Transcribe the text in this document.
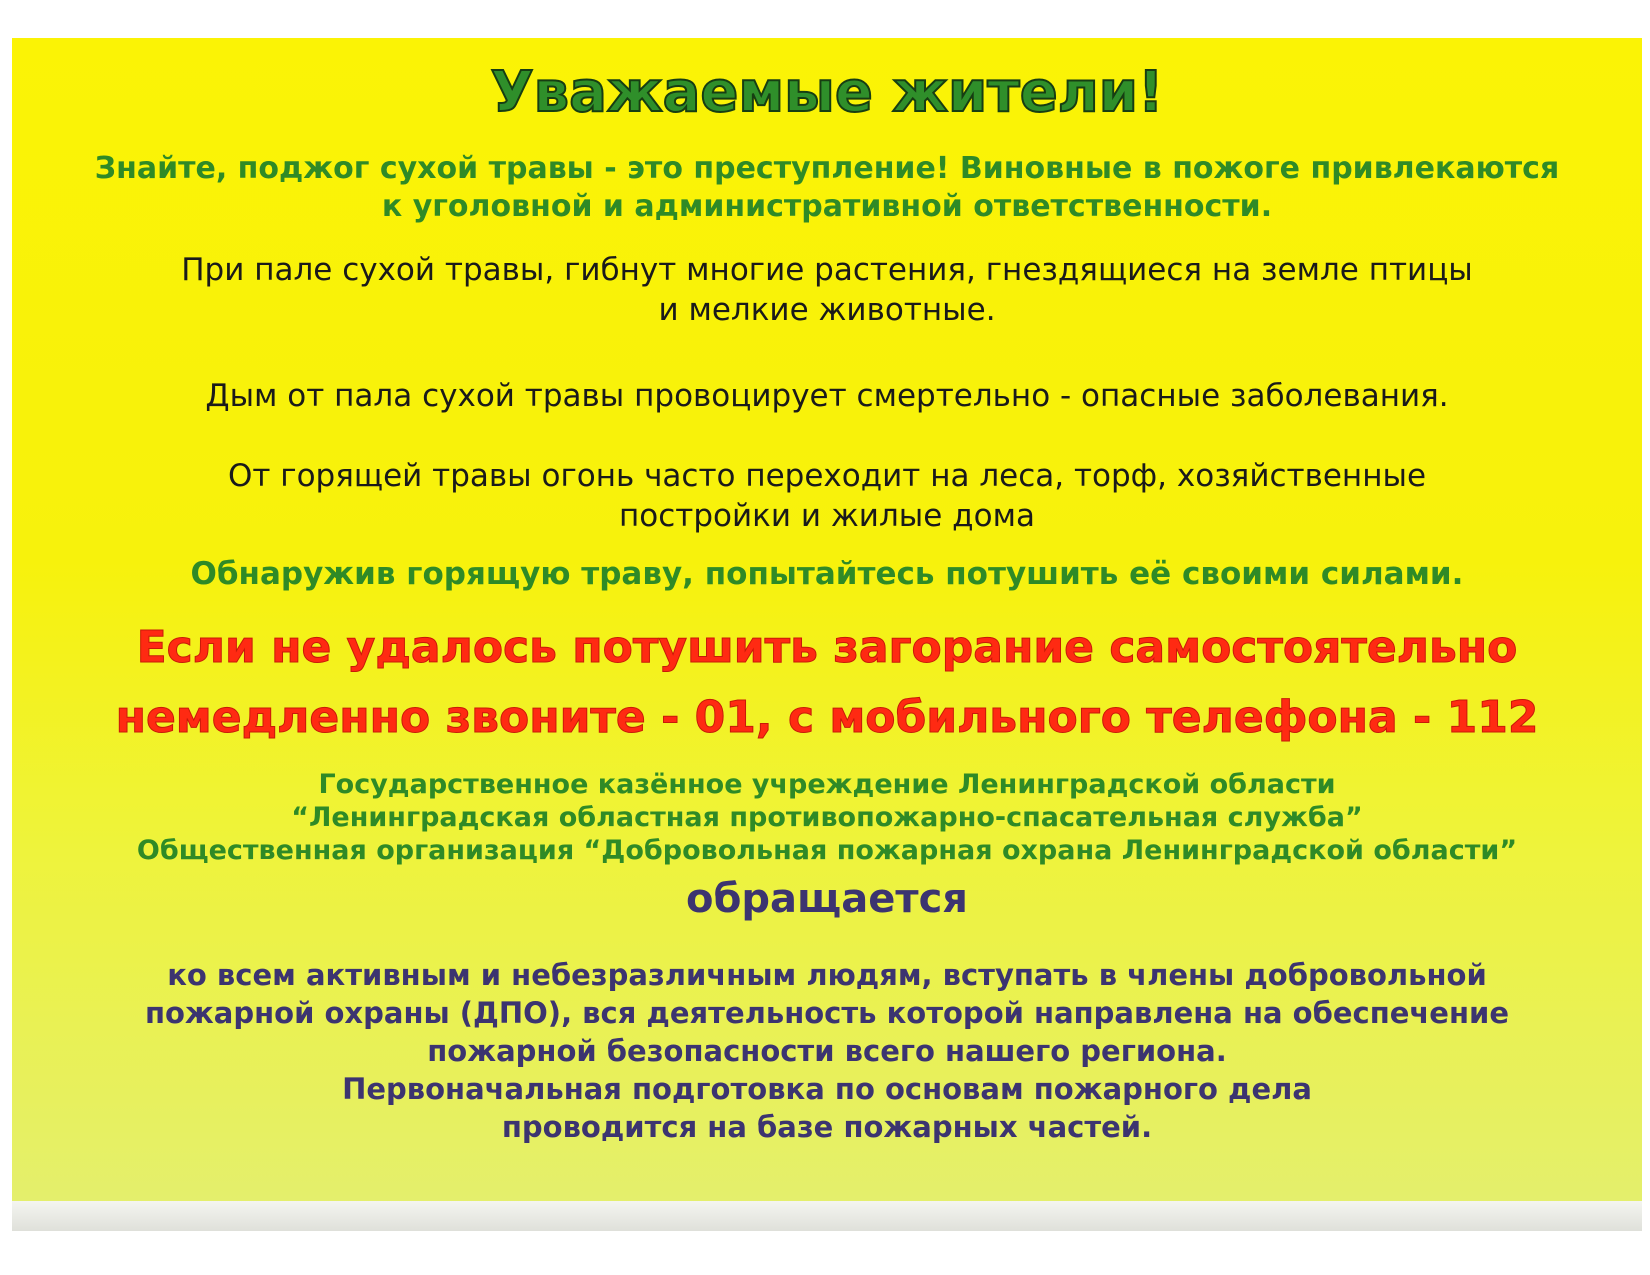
Уважаемые жители!
Знайте, поджог сухой травы - это преступление! Виновные в пожоге привлекаются
к уголовной и административной ответственности.
При пале сухой травы, гибнут многие растения, гнездящиеся на земле птицы
и мелкие животные.
Дым от пала сухой травы провоцирует смертельно - опасные заболевания.
От горящей травы огонь часто переходит на леса, торф, хозяйственные
постройки и жилые дома
Обнаружив горящую траву, попытайтесь потушить её своими силами.
Если не удалось потушить загорание самостоятельно
немедленно звоните - 01, с мобильного телефона - 112
Государственное казённое учреждение Ленинградской области
“Ленинградская областная противопожарно-спасательная служба”
Общественная организация “Добровольная пожарная охрана Ленинградской области”
обращается
ко всем активным и небезразличным людям, вступать в члены добровольной
пожарной охраны (ДПО), вся деятельность которой направлена на обеспечение
пожарной безопасности всего нашего региона.
Первоначальная подготовка по основам пожарного дела
проводится на базе пожарных частей.
